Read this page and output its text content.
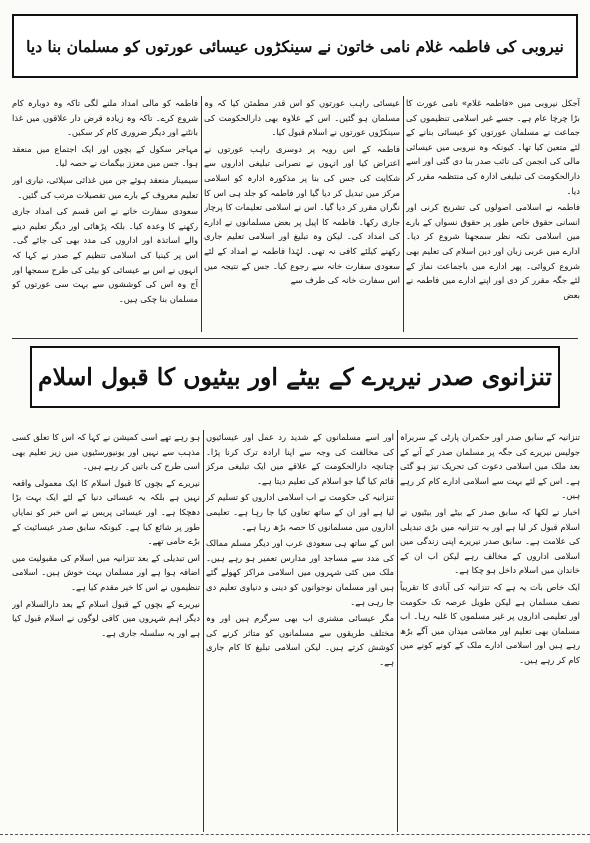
نیروبی کی فاطمہ غلام نامی خاتون نے سینکڑوں عیسائی عورتوں کو مسلمان بنا دیا

آجکل نیروبی میں «فاطمہ غلام» نامی عورت کا بڑا چرچا عام ہے۔ جسے غیر اسلامی تنظیموں کی جماعت نے مسلمان عورتوں کو عیسائی بنانے کے لئے متعین کیا تھا۔ کیونکہ وہ نیروبی میں عیسائی مالی کی انجمن کی نائب صدر بنا دی گئی اور اسے دارالحکومت کی تبلیغی ادارہ کی منتظمہ مقرر کر دیا۔

فاطمہ نے اسلامی اصولوں کی تشریح کرنی اور انسانی حقوق خاص طور پر حقوق نسواں کے بارے میں اسلامی نکتہ نظر سمجھنا شروع کر دیا۔ ادارے میں عربی زبان اور دین اسلام کی تعلیم بھی شروع کروائی۔ پھر ادارے میں باجماعت نماز کے لئے جگہ مقرر کر دی اور اپنے ادارے میں فاطمہ نے بعض

عیسائی راہب عورتوں کو اس قدر مطمئن کیا کہ وہ مسلمان ہو گئیں۔ اس کے علاوہ بھی دارالحکومت کی سینکڑوں عورتوں نے اسلام قبول کیا۔

فاطمہ کے اس رویہ پر دوسری راہب عورتوں نے اعتراض کیا اور انہوں نے نصرانی تبلیغی اداروں سے شکایت کی جس کی بنا پر مذکورہ ادارہ کو اسلامی مرکز میں تبدیل کر دیا گیا اور فاطمہ کو جلد ہی اس کا نگران مقرر کر دیا گیا۔ اس نے اسلامی تعلیمات کا پرچار جاری رکھا۔ فاطمہ کا اپیل پر بعض مسلمانوں نے ادارے کی امداد کی۔ لیکن وہ تبلیغ اور اسلامی تعلیم جاری رکھنے کیلئے کافی نہ تھی۔ لہٰذا فاطمہ نے امداد کے لئے سعودی سفارت خانہ سے رجوع کیا۔ جس کے نتیجہ میں اس سفارت خانہ کی طرف سے

فاطمہ کو مالی امداد ملنے لگی تاکہ وہ دوبارہ کام شروع کرے۔ تاکہ وہ زیادہ قرض دار علاقوں میں غذا بانٹنے اور دیگر ضروری کام کر سکیں۔

مہاجر سکول کے بچوں اور ایک اجتماع میں منعقد ہوا۔ جس میں معزز بیگمات نے حصہ لیا۔

سیمینار منعقد ہوئے جن میں غذائی سپلائی، تیاری اور تعلیم معروف کے بارے میں تفصیلات مرتب کی گئیں۔

سعودی سفارت خانے نے اس قسم کی امداد جاری رکھنے کا وعدہ کیا۔ بلکہ پڑھائی اور دیگر تعلیم دینے والے اساتذہ اور اداروں کی مدد بھی کی جائے گی۔ اس پر کینیا کی اسلامی تنظیم کے صدر نے کہا کہ انہوں نے اس بے عیسائی کو بیٹی کی طرح سمجھا اور آج وہ اس کی کوششوں سے بہت سی عورتوں کو مسلمان بنا چکی ہیں۔

تنزانوی صدر نیریرے کے بیٹے اور بیٹیوں کا قبول اسلام

تنزانیہ کے سابق صدر اور حکمران پارٹی کے سربراہ جولیس نیریرے کی جگہ پر مسلمان صدر کے آنے کے بعد ملک میں اسلامی دعوت کی تحریک تیز ہو گئی ہے۔ اس کے لئے بہت سے اسلامی ادارے کام کر رہے ہیں۔

اخبار نے لکھا کہ سابق صدر کے بیٹے اور بیٹیوں نے اسلام قبول کر لیا ہے اور یہ تنزانیہ میں بڑی تبدیلی کی علامت ہے۔ سابق صدر نیریرے اپنی زندگی میں اسلامی اداروں کے مخالف رہے لیکن اب ان کے خاندان میں اسلام داخل ہو چکا ہے۔

ایک خاص بات یہ ہے کہ تنزانیہ کی آبادی کا تقریباً نصف مسلمان ہے لیکن طویل عرصہ تک حکومت اور تعلیمی اداروں پر غیر مسلموں کا غلبہ رہا۔ اب مسلمان بھی تعلیم اور معاشی میدان میں آگے بڑھ رہے ہیں اور اسلامی ادارے ملک کے کونے کونے میں کام کر رہے ہیں۔

اور اسے مسلمانوں کے شدید رد عمل اور عیسائیوں کی مخالفت کی وجہ سے اپنا ارادہ ترک کرنا پڑا۔ چنانچہ دارالحکومت کے علاقے میں ایک تبلیغی مرکز قائم کیا گیا جو اسلام کی تعلیم دیتا ہے۔

تنزانیہ کی حکومت نے اب اسلامی اداروں کو تسلیم کر لیا ہے اور ان کے ساتھ تعاون کیا جا رہا ہے۔ تعلیمی اداروں میں مسلمانوں کا حصہ بڑھ رہا ہے۔

اس کے ساتھ ہی سعودی عرب اور دیگر مسلم ممالک کی مدد سے مساجد اور مدارس تعمیر ہو رہے ہیں۔ ملک میں کئی شہروں میں اسلامی مراکز کھولے گئے ہیں اور مسلمان نوجوانوں کو دینی و دنیاوی تعلیم دی جا رہی ہے۔

مگر عیسائی مشنری اب بھی سرگرم ہیں اور وہ مختلف طریقوں سے مسلمانوں کو متاثر کرنے کی کوشش کرتے ہیں۔ لیکن اسلامی تبلیغ کا کام جاری ہے۔

ہو رہے تھے اسی کمیشن نے کہا کہ اس کا تعلق کسی مذہب سے نہیں اور یونیورسٹیوں میں زیر تعلیم بھی اسی طرح کی باتیں کر رہے ہیں۔

نیریرے کے بچوں کا قبول اسلام کا ایک معمولی واقعہ نہیں ہے بلکہ یہ عیسائی دنیا کے لئے ایک بہت بڑا دھچکا ہے۔ اور عیسائی پریس نے اس خبر کو نمایاں طور پر شائع کیا ہے۔ کیونکہ سابق صدر عیسائیت کے بڑے حامی تھے۔

اس تبدیلی کے بعد تنزانیہ میں اسلام کی مقبولیت میں اضافہ ہوا ہے اور مسلمان بہت خوش ہیں۔ اسلامی تنظیموں نے اس کا خیر مقدم کیا ہے۔

نیریرے کے بچوں کے قبول اسلام کے بعد دارالسلام اور دیگر اہم شہروں میں کافی لوگوں نے اسلام قبول کیا ہے اور یہ سلسلہ جاری ہے۔
